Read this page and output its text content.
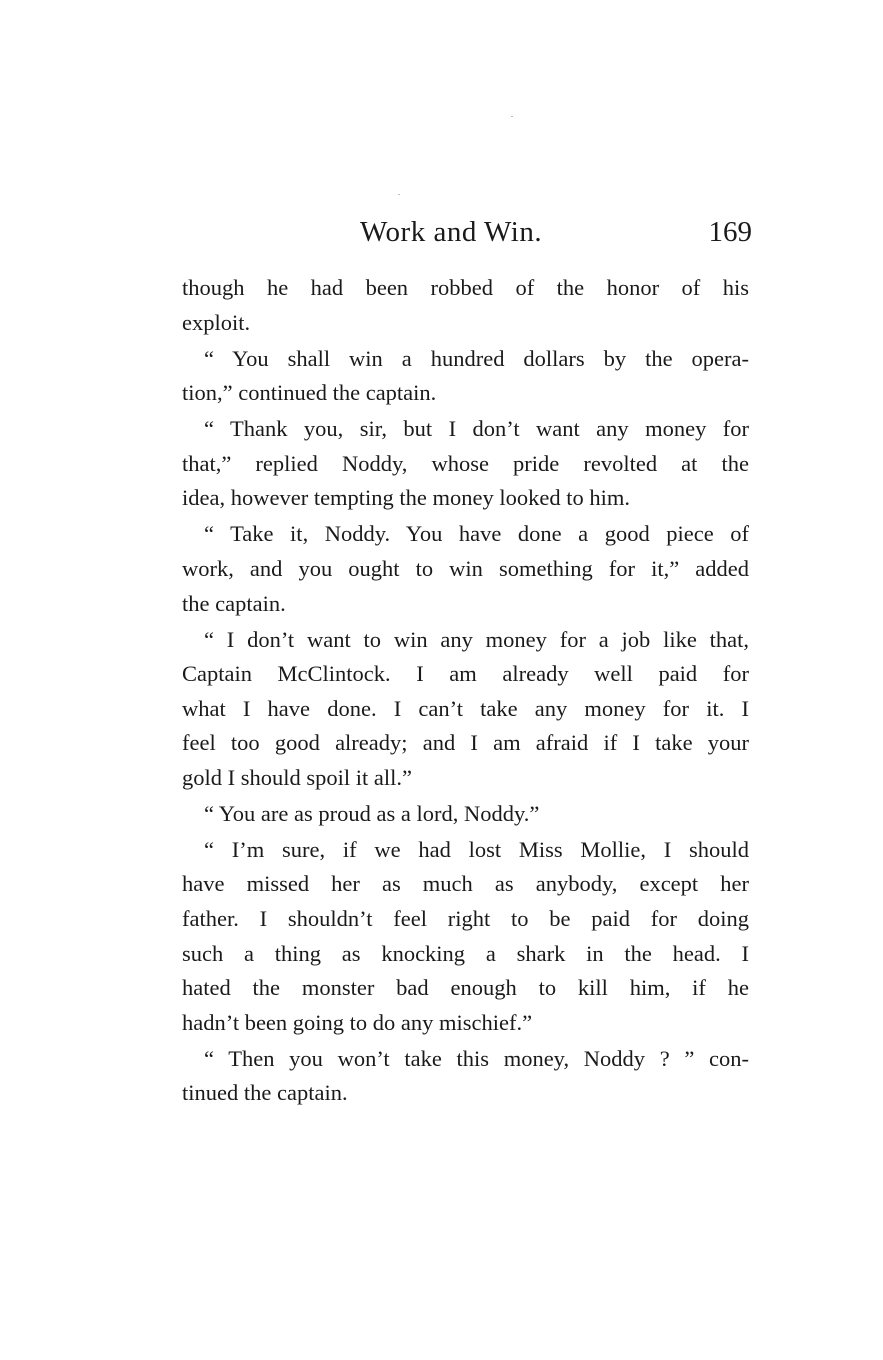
Work and Win.	169
though he had been robbed of the honor of his
exploit.
“ You shall win a hundred dollars by the opera-
tion,” continued the captain.
“ Thank you, sir, but I don’t want any money for
that,” replied Noddy, whose pride revolted at the
idea, however tempting the money looked to him.
“ Take it, Noddy. You have done a good piece of
work, and you ought to win something for it,” added
the captain.
“ I don’t want to win any money for a job like that,
Captain McClintock. I am already well paid for
what I have done. I can’t take any money for it. I
feel too good already; and I am afraid if I take your
gold I should spoil it all.”
“ You are as proud as a lord, Noddy.”
“ I’m sure, if we had lost Miss Mollie, I should
have missed her as much as anybody, except her
father. I shouldn’t feel right to be paid for doing
such a thing as knocking a shark in the head. I
hated the monster bad enough to kill him, if he
hadn’t been going to do any mischief.”
“ Then you won’t take this money, Noddy ? ” con-
tinued the captain.
